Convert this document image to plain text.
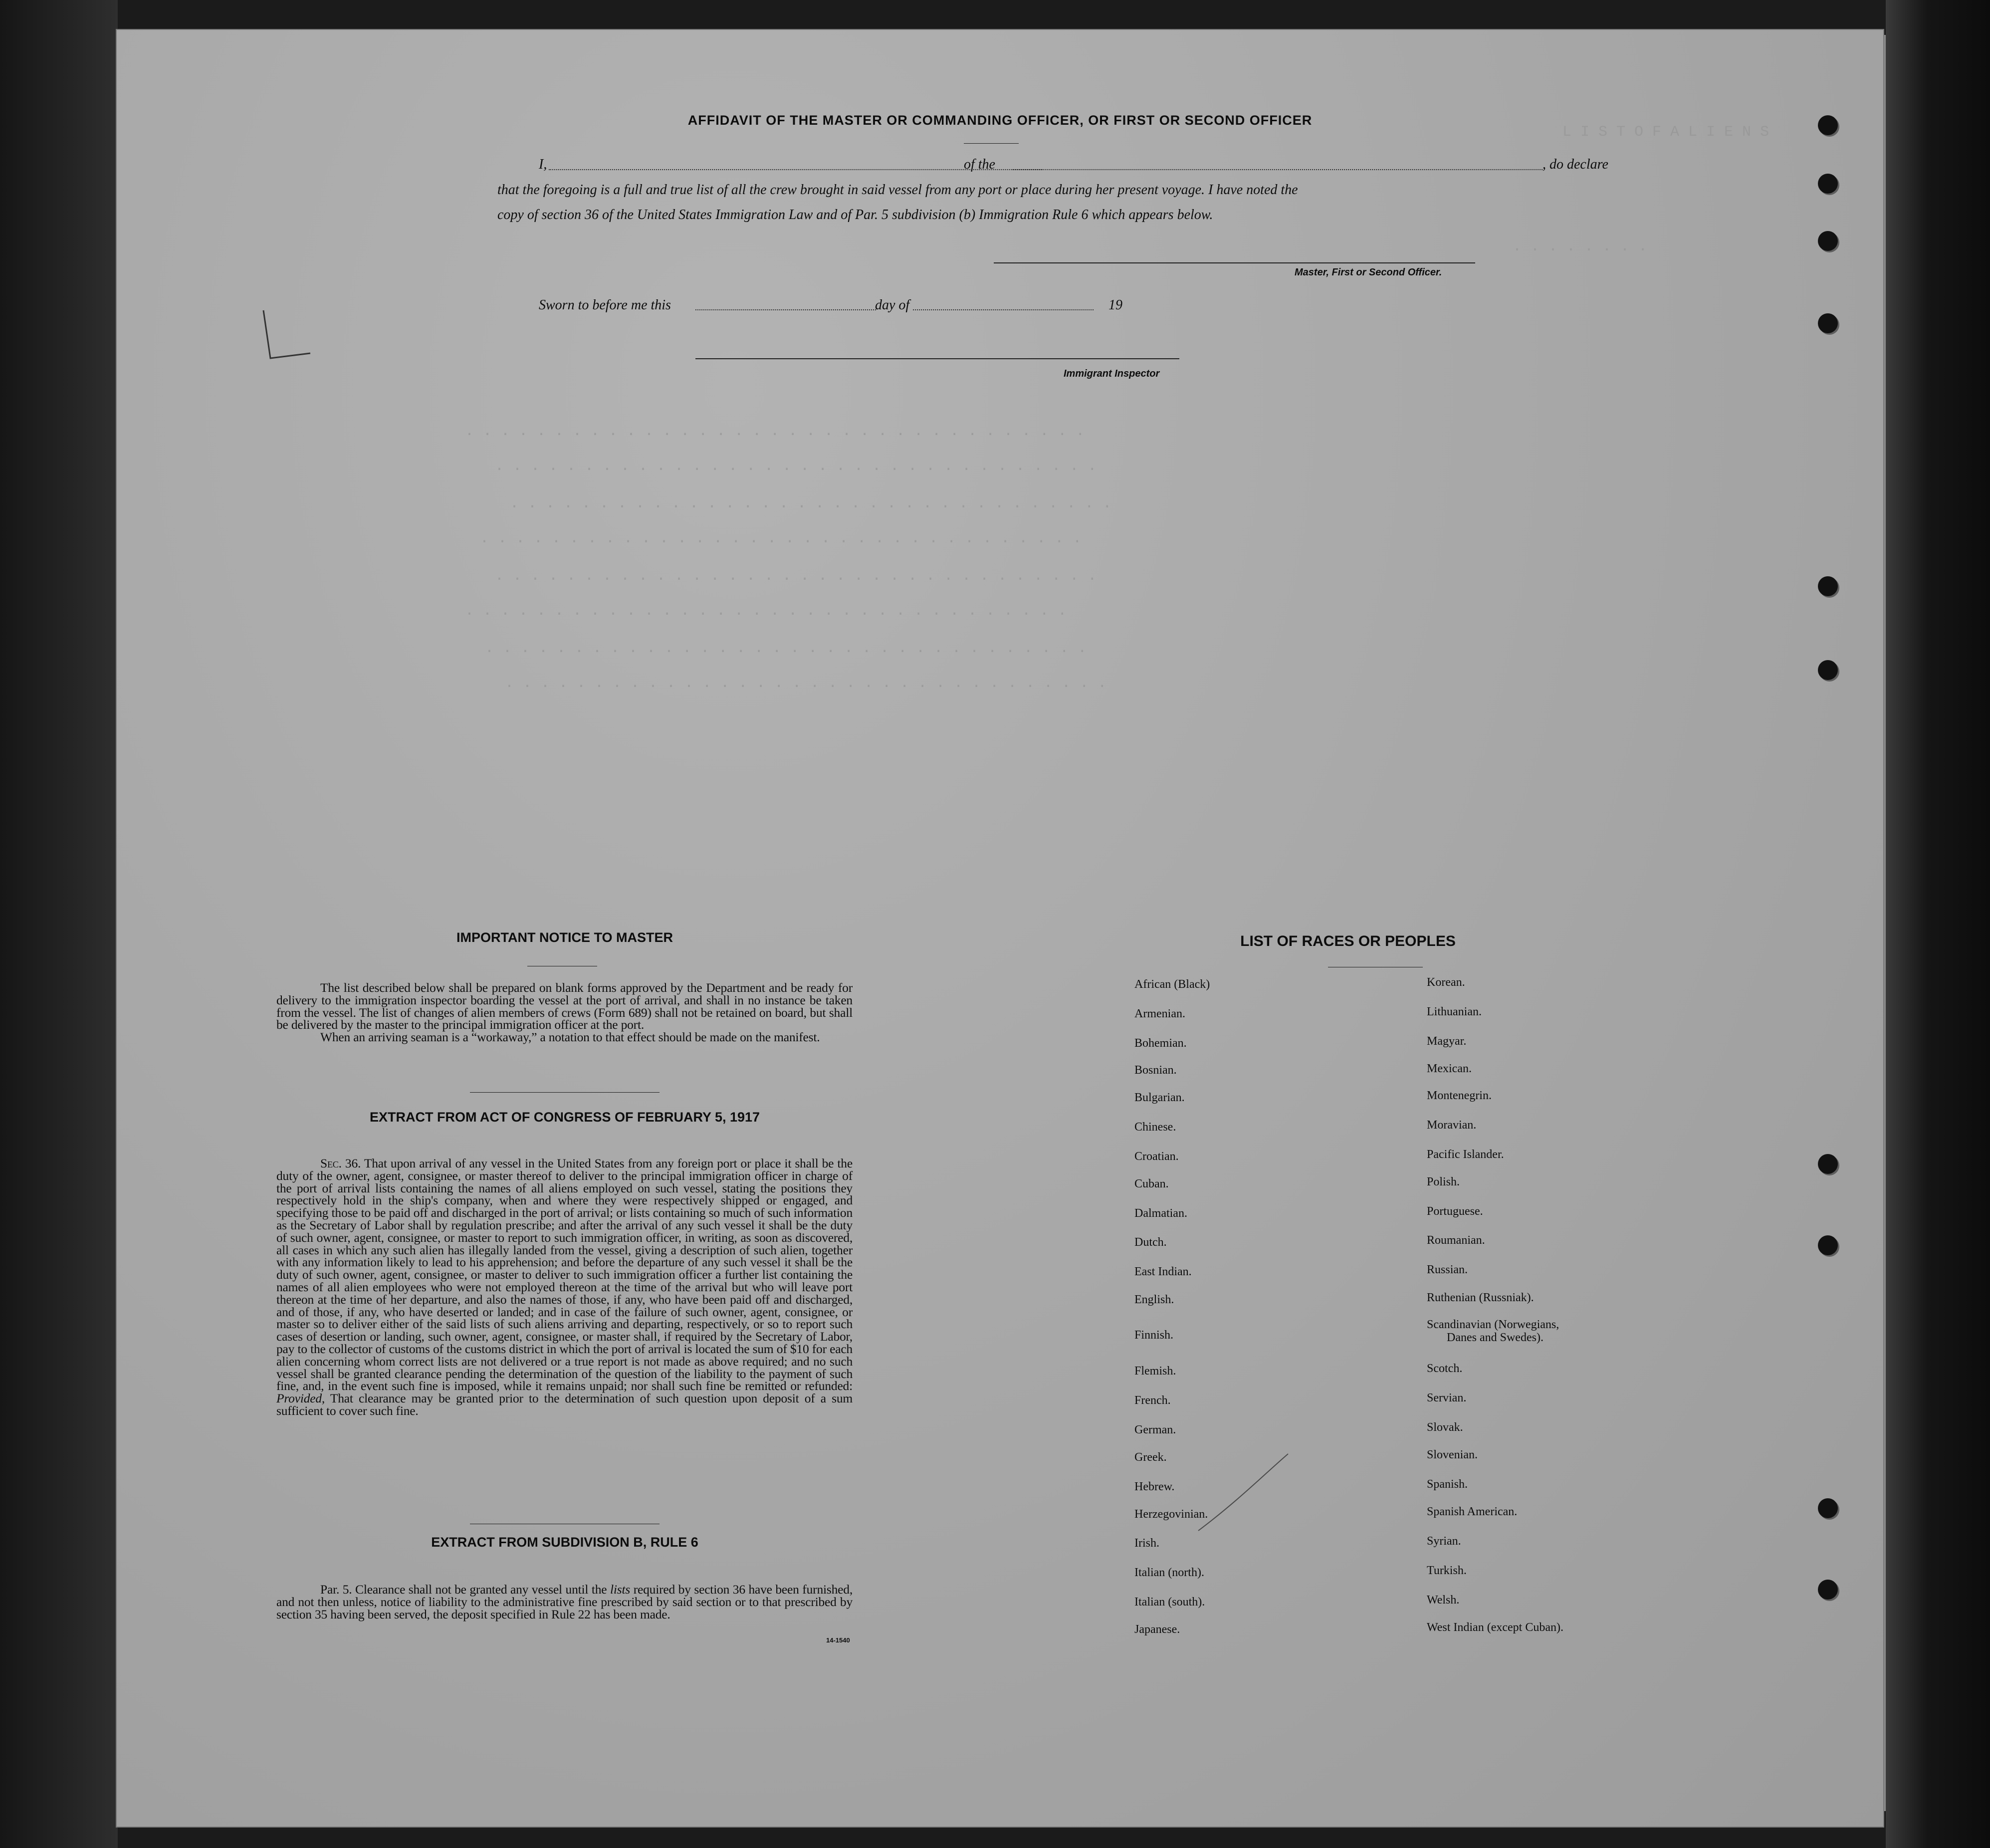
L I S T O F A L I E N S
. . . . . . . .
. . . . . . . . . . . . . . . . . . . . . . . . . . . . . . . . . . .
. . . . . . . . . . . . . . . . . . . . . . . . . . . . . . . . . .
. . . . . . . . . . . . . . . . . . . . . . . . . . . . . . . . . .
. . . . . . . . . . . . . . . . . . . . . . . . . . . . . . . . . .
. . . . . . . . . . . . . . . . . . . . . . . . . . . . . . . . . .
. . . . . . . . . . . . . . . . . . . . . . . . . . . . . . . . . .
. . . . . . . . . . . . . . . . . . . . . . . . . . . . . . . . . .
. . . . . . . . . . . . . . . . . . . . . . . . . . . . . . . . . .
AFFIDAVIT OF THE MASTER OR COMMANDING OFFICER, OR FIRST OR SECOND OFFICER
I,	of the	, do declare
that the foregoing is a full and true list of all the crew brought in said vessel from any port or place during her present voyage. I have noted the
copy of section 36 of the United States Immigration Law and of Par. 5 subdivision (b) Immigration Rule 6 which appears below.
Master, First or Second Officer.
Sworn to before me this	day of	19
Immigrant Inspector
IMPORTANT NOTICE TO MASTER

The list described below shall be prepared on blank forms approved by the Department and be ready for delivery to the immigration inspector boarding the vessel at the port of arrival, and shall in no instance be taken from the vessel. The list of changes of alien members of crews (Form 689) shall not be retained on board, but shall be delivered by the master to the principal immigration officer at the port.

When an arriving seaman is a “workaway,” a notation to that effect should be made on the manifest.

EXTRACT FROM ACT OF CONGRESS OF FEBRUARY 5, 1917

Sec. 36. That upon arrival of any vessel in the United States from any foreign port or place it shall be the duty of the owner, agent, consignee, or master thereof to deliver to the principal immigration officer in charge of the port of arrival lists containing the names of all aliens employed on such vessel, stating the positions they respectively hold in the ship's company, when and where they were respectively shipped or engaged, and specifying those to be paid off and discharged in the port of arrival; or lists containing so much of such information as the Secretary of Labor shall by regulation prescribe; and after the arrival of any such vessel it shall be the duty of such owner, agent, consignee, or master to report to such immigration officer, in writing, as soon as discovered, all cases in which any such alien has illegally landed from the vessel, giving a description of such alien, together with any information likely to lead to his apprehension; and before the departure of any such vessel it shall be the duty of such owner, agent, consignee, or master to deliver to such immigration officer a further list containing the names of all alien employees who were not employed thereon at the time of the arrival but who will leave port thereon at the time of her departure, and also the names of those, if any, who have been paid off and discharged, and of those, if any, who have deserted or landed; and in case of the failure of such owner, agent, consignee, or master so to deliver either of the said lists of such aliens arriving and departing, respectively, or so to report such cases of desertion or landing, such owner, agent, consignee, or master shall, if required by the Secretary of Labor, pay to the collector of customs of the customs district in which the port of arrival is located the sum of $10 for each alien concerning whom correct lists are not delivered or a true report is not made as above required; and no such vessel shall be granted clearance pending the determination of the question of the liability to the payment of such fine, and, in the event such fine is imposed, while it remains unpaid; nor shall such fine be remitted or refunded: Provided, That clearance may be granted prior to the determination of such question upon deposit of a sum sufficient to cover such fine.

EXTRACT FROM SUBDIVISION B, RULE 6

Par. 5. Clearance shall not be granted any vessel until the lists required by section 36 have been furnished, and not then unless, notice of liability to the administrative fine prescribed by said section or to that prescribed by section 35 having been served, the deposit specified in Rule 22 has been made.

14-1540
LIST OF RACES OR PEOPLES
African (Black)
Armenian.
Bohemian.
Bosnian.
Bulgarian.
Chinese.
Croatian.
Cuban.
Dalmatian.
Dutch.
East Indian.
English.
Finnish.
Flemish.
French.
German.
Greek.
Hebrew.
Herzegovinian.
Irish.
Italian (north).
Italian (south).
Japanese.
Korean.
Lithuanian.
Magyar.
Mexican.
Montenegrin.
Moravian.
Pacific Islander.
Polish.
Portuguese.
Roumanian.
Russian.
Ruthenian (Russniak).
Scandinavian (Norwegians,
Danes and Swedes).
Scotch.
Servian.
Slovak.
Slovenian.
Spanish.
Spanish American.
Syrian.
Turkish.
Welsh.
West Indian (except Cuban).
